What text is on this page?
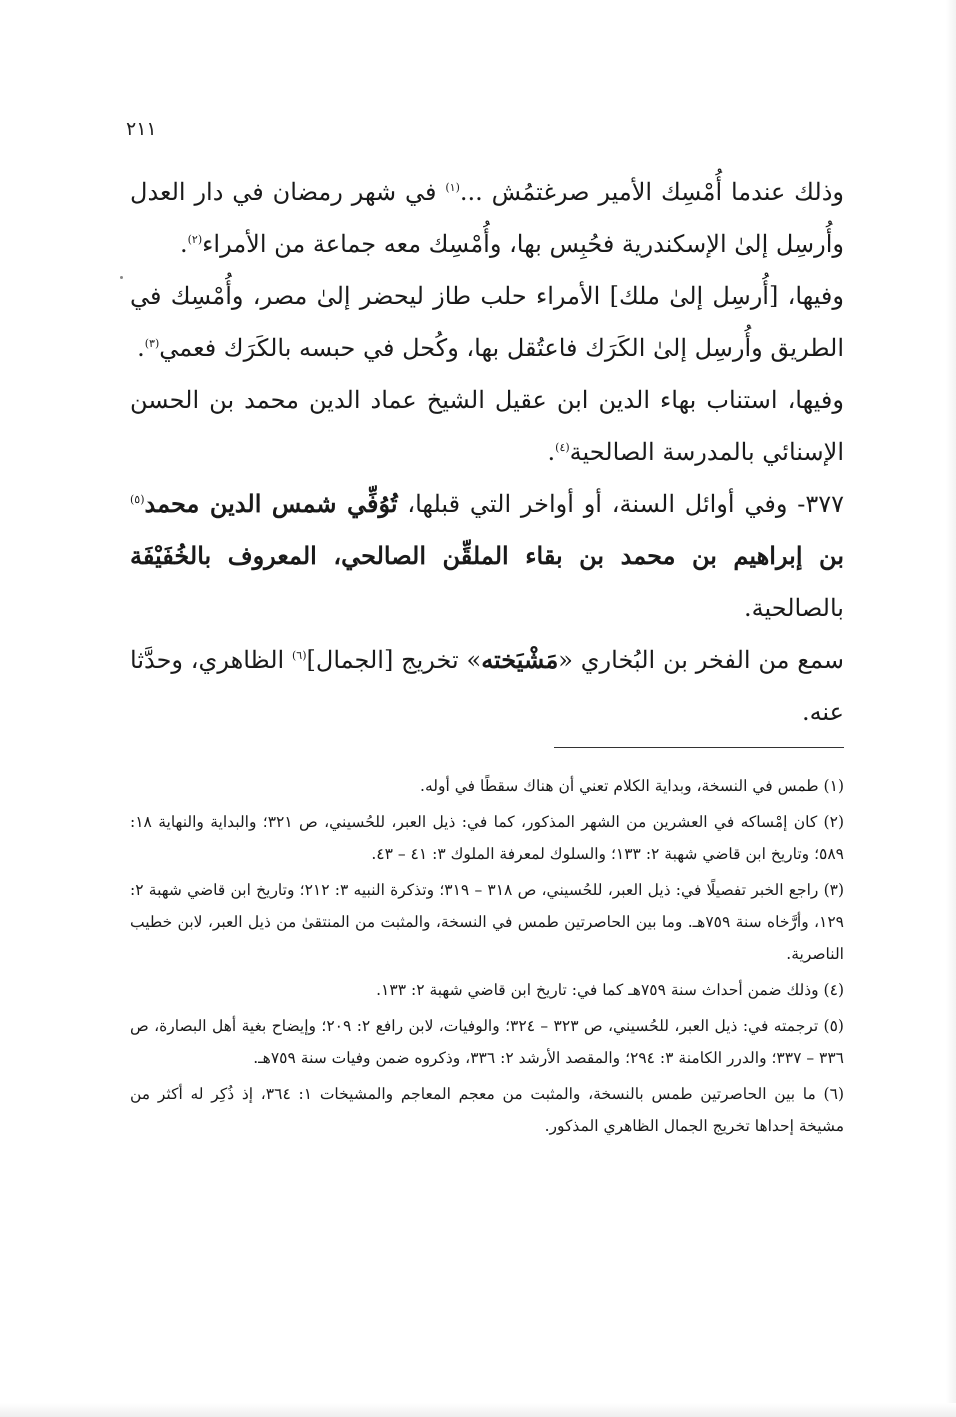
٢١١

وذلك عندما أُمْسِك الأمير صرغتمُش ...$^{(١)}$ في شهر رمضان في دار العدل وأُرسِل إلىٰ الإسكندرية فحُبِس بها، وأُمْسِك معه جماعة من الأمراء$^{(٢)}$.

وفيها، [أُرسِل إلىٰ ملك] الأمراء حلب طاز ليحضر إلىٰ مصر، وأُمْسِك في الطريق وأُرسِل إلىٰ الكَرَك فاعتُقل بها، وكُحل في حبسه بالكَرَك فعمي$^{(٣)}$.

وفيها، استناب بهاء الدين ابن عقيل الشيخ عماد الدين محمد بن الحسن الإسنائي بالمدرسة الصالحية$^{(٤)}$.

٣٧٧- وفي أوائل السنة، أو أواخر التي قبلها، تُوُفِّي شمس الدين محمد$^{(٥)}$ بن إبراهيم بن محمد بن بقاء الملقِّن الصالحي، المعروف بالخُفَيْفَة بالصالحية.

سمع من الفخر بن البُخاري «مَشْيَخته» تخريج [الجمال]$^{(٦)}$ الظاهري، وحدَّثا عنه.

(١) طمس في النسخة، وبداية الكلام تعني أن هناك سقطًا في أوله.

(٢) كان إمْساكه في العشرين من الشهر المذكور، كما في: ذيل العبر، للحُسيني، ص ٣٢١؛ والبداية والنهاية ١٨: ٥٨٩؛ وتاريخ ابن قاضي شهبة ٢: ١٣٣؛ والسلوك لمعرفة الملوك ٣: ٤١ – ٤٣.

(٣) راجع الخبر تفصيلًا في: ذيل العبر، للحُسيني، ص ٣١٨ – ٣١٩؛ وتذكرة النبيه ٣: ٢١٢؛ وتاريخ ابن قاضي شهبة ٢: ١٢٩، وأرَّخاه سنة ٧٥٩هـ. وما بين الحاصرتين طمس في النسخة، والمثبت من المنتقىٰ من ذيل العبر، لابن خطيب الناصرية.

(٤) وذلك ضمن أحداث سنة ٧٥٩هـ كما في: تاريخ ابن قاضي شهبة ٢: ١٣٣.

(٥) ترجمته في: ذيل العبر، للحُسيني، ص ٣٢٣ – ٣٢٤؛ والوفيات، لابن رافع ٢: ٢٠٩؛ وإيضاح بغية أهل البصارة، ص ٣٣٦ – ٣٣٧؛ والدرر الكامنة ٣: ٢٩٤؛ والمقصد الأرشد ٢: ٣٣٦، وذكروه ضمن وفيات سنة ٧٥٩هـ.

(٦) ما بين الحاصرتين طمس بالنسخة، والمثبت من معجم المعاجم والمشيخات ١: ٣٦٤، إذ ذُكِر له أكثر من مشيخة إحداها تخريج الجمال الظاهري المذكور.
